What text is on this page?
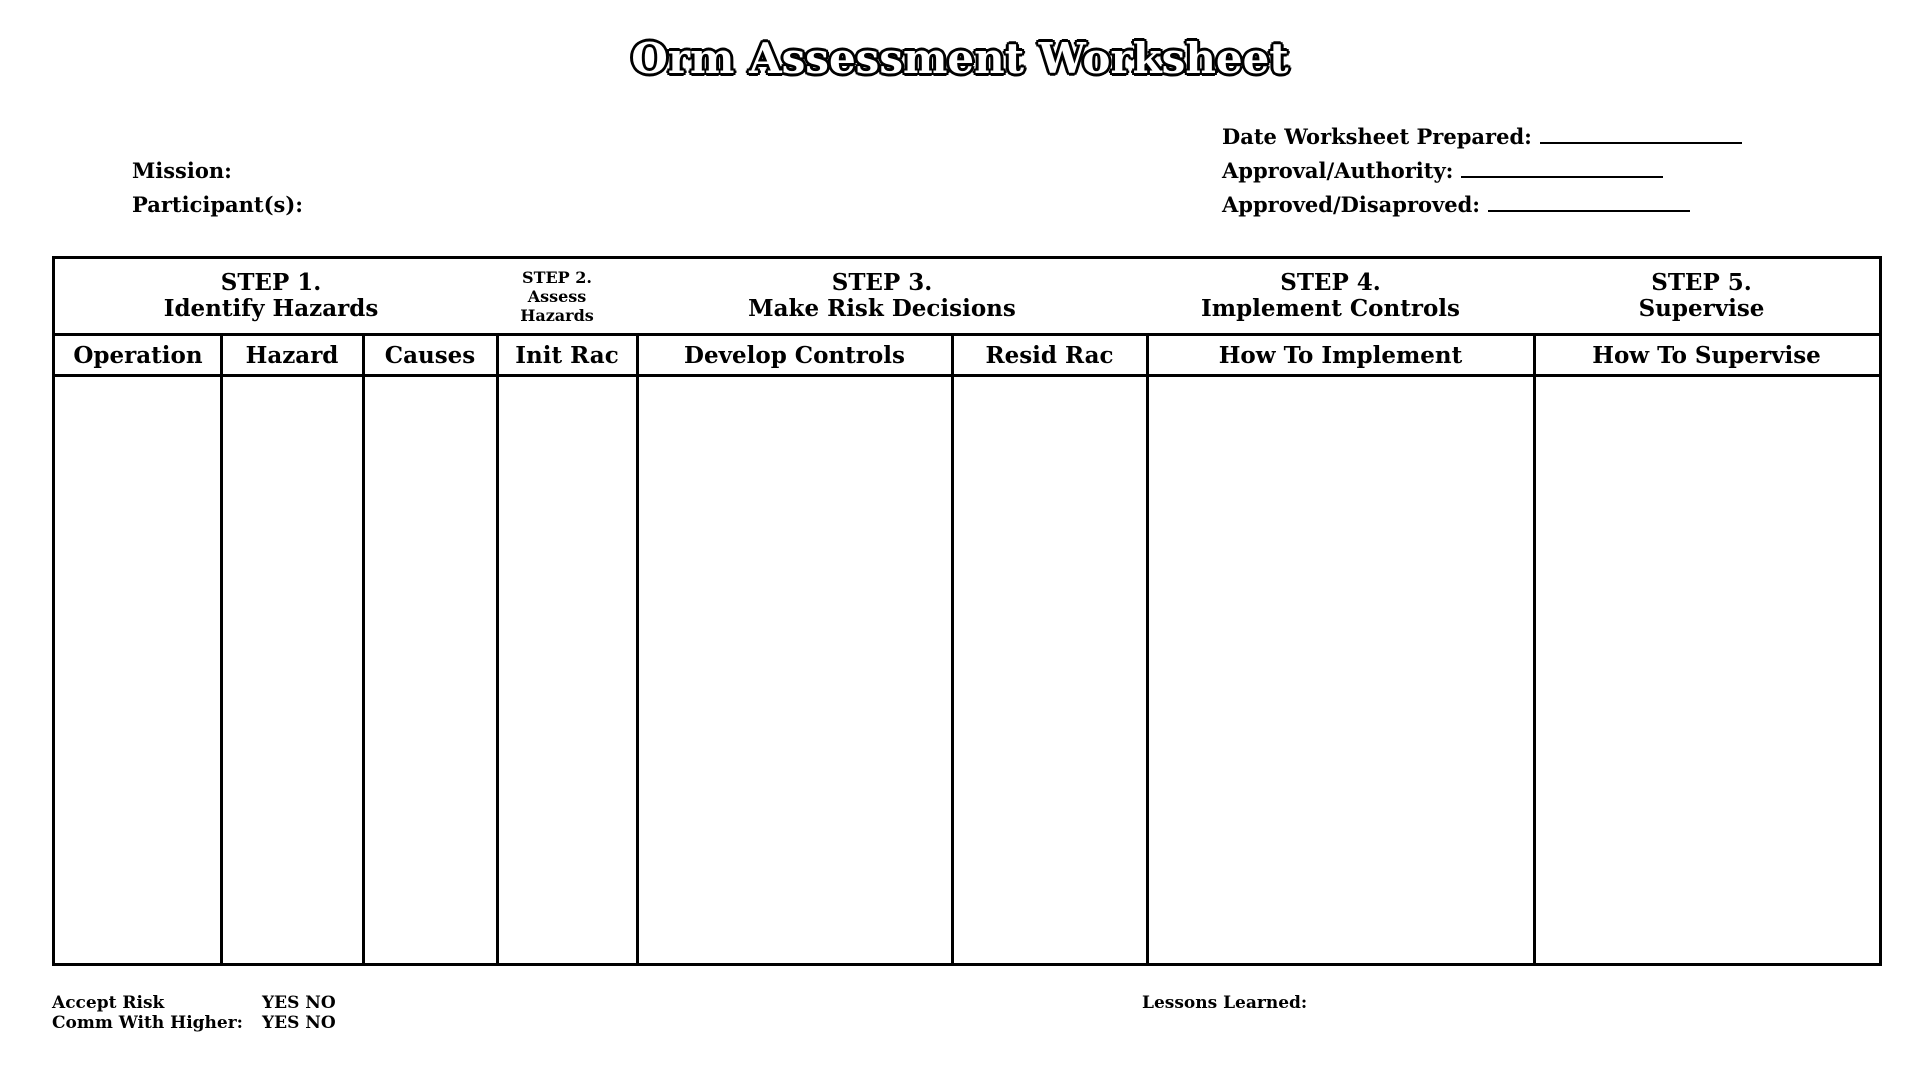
Orm Assessment Worksheet
Mission:
Participant(s):
Date Worksheet Prepared:
Approval/Authority:
Approved/Disaproved:
STEP 1.
Identify Hazards
STEP 2.
Assess
Hazards
STEP 3.
Make Risk Decisions
STEP 4.
Implement Controls
STEP 5.
Supervise
Operation	Hazard	Causes	Init Rac	Develop Controls	Resid Rac	How To Implement	How To Supervise
Accept Risk	YES NO
Comm With Higher: YES NO
Lessons Learned:
